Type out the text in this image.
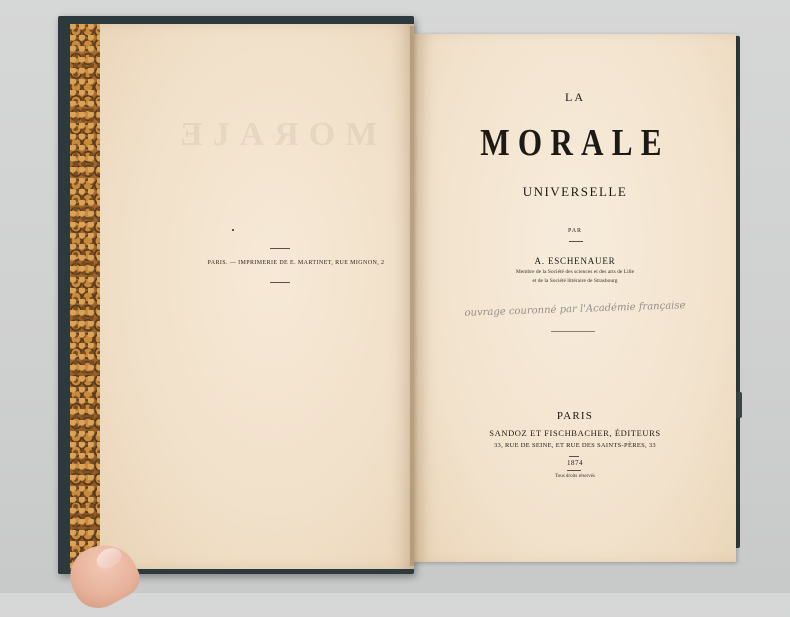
ƎJAЯOM
PARIS. — IMPRIMERIE DE E. MARTINET, RUE MIGNON, 2
LA
MORALE
UNIVERSELLE
PAR
A. ESCHENAUER
Membre de la Société des sciences et des arts de Lille
et de la Société littéraire de Strasbourg
ouvrage couronné par l'Académie française
PARIS
SANDOZ ET FISCHBACHER, ÉDITEURS
33, RUE DE SEINE, ET RUE DES SAINTS-PÈRES, 33
1874
Tous droits réservés
